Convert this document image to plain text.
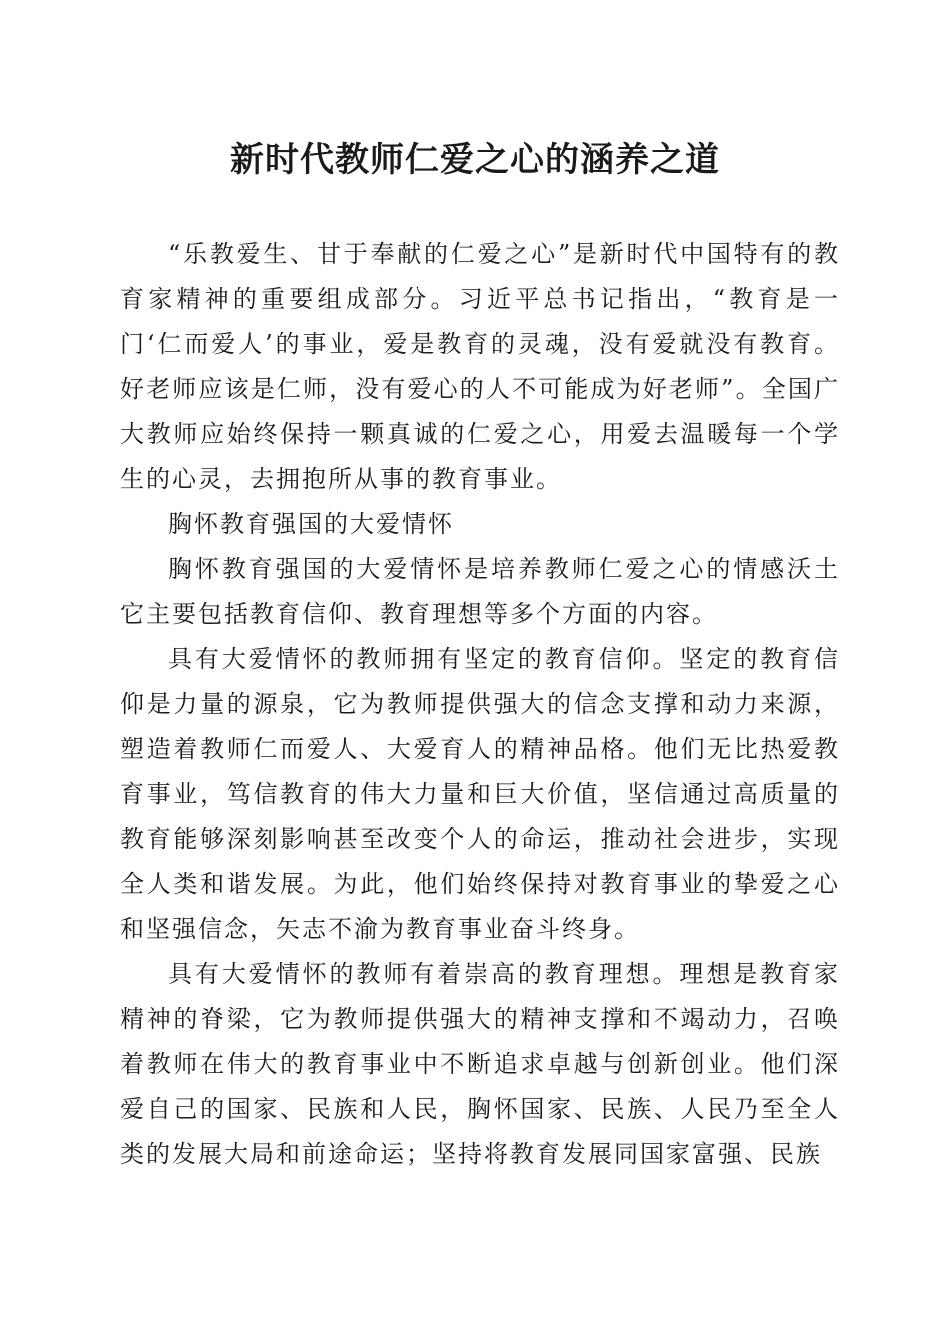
新时代教师仁爱之心的涵养之道

“乐教爱生、甘于奉献的仁爱之心”是新时代中国特有的教育家精神的重要组成部分。习近平总书记指出，“教育是一门‘仁而爱人’的事业，爱是教育的灵魂，没有爱就没有教育。好老师应该是仁师，没有爱心的人不可能成为好老师”。全国广大教师应始终保持一颗真诚的仁爱之心，用爱去温暖每一个学生的心灵，去拥抱所从事的教育事业。

胸怀教育强国的大爱情怀

胸怀教育强国的大爱情怀是培养教师仁爱之心的情感沃土它主要包括教育信仰、教育理想等多个方面的内容。

具有大爱情怀的教师拥有坚定的教育信仰。坚定的教育信仰是力量的源泉，它为教师提供强大的信念支撑和动力来源，塑造着教师仁而爱人、大爱育人的精神品格。他们无比热爱教育事业，笃信教育的伟大力量和巨大价值，坚信通过高质量的教育能够深刻影响甚至改变个人的命运，推动社会进步，实现全人类和谐发展。为此，他们始终保持对教育事业的挚爱之心和坚强信念，矢志不渝为教育事业奋斗终身。

具有大爱情怀的教师有着崇高的教育理想。理想是教育家精神的脊梁，它为教师提供强大的精神支撑和不竭动力，召唤着教师在伟大的教育事业中不断追求卓越与创新创业。他们深爱自己的国家、民族和人民，胸怀国家、民族、人民乃至全人类的发展大局和前途命运；坚持将教育发展同国家富强、民族
